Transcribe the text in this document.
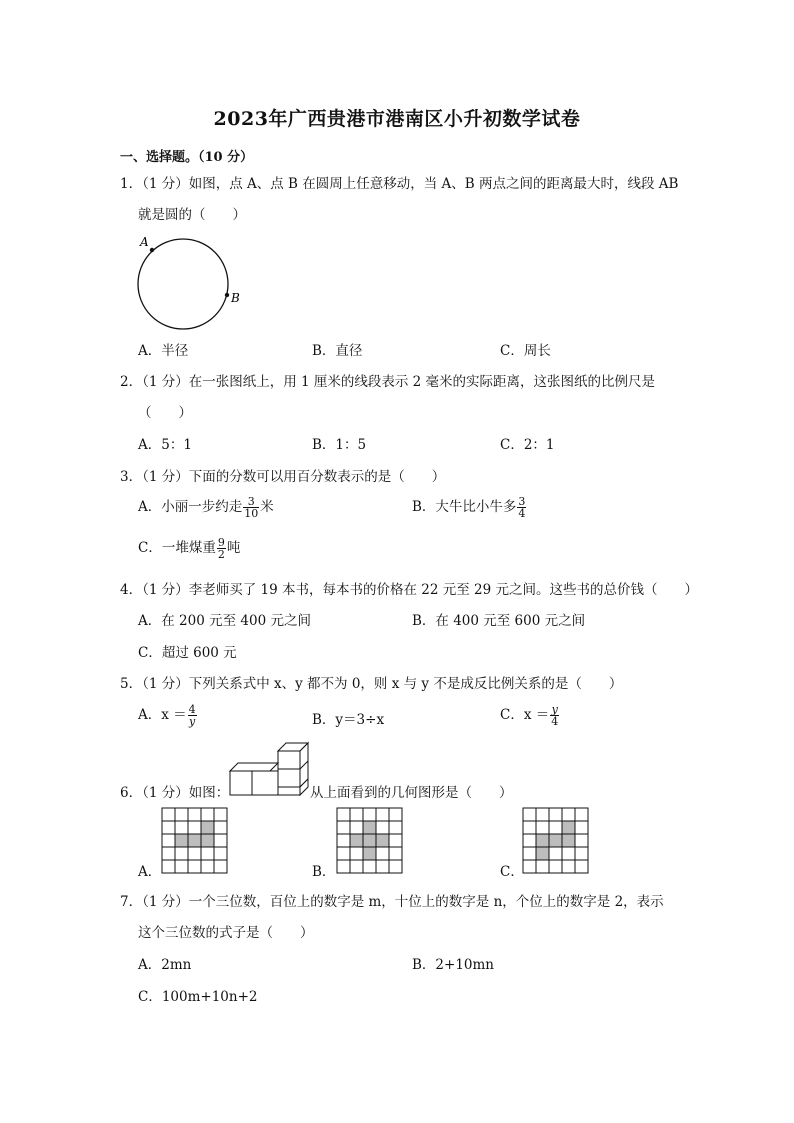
2023年广西贵港市港南区小升初数学试卷
一、选择题。（10 分）
1．（1 分）如图，点 A、点 B 在圆周上任意移动，当 A、B 两点之间的距离最大时，线段 AB
就是圆的（　　）
A
B
A．半径	B．直径	C．周长
2．（1 分）在一张图纸上，用 1 厘米的线段表示 2 毫米的实际距离，这张图纸的比例尺是
（　　）
A．5：1	B．1：5	C．2：1
3．（1 分）下面的分数可以用百分数表示的是（　　）
A．小丽一步约走 $\frac{3}{10}$ 米	B．大牛比小牛多 $\frac{3}{4}$
C．一堆煤重 $\frac{9}{2}$ 吨
4．（1 分）李老师买了 19 本书，每本书的价格在 22 元至 29 元之间。这些书的总价钱（　　）
A．在 200 元至 400 元之间	B．在 400 元至 600 元之间
C．超过 600 元
5．（1 分）下列关系式中 x、y 都不为 0，则 x 与 y 不是成反比例关系的是（　　）
A．$x = \frac{4}{y}$	B．y＝3÷x	C．$x = \frac{y}{4}$
6．（1 分）如图：	从上面看到的几何图形是（　　）
A．	B．	C．
7．（1 分）一个三位数，百位上的数字是 m，十位上的数字是 n，个位上的数字是 2，表示
这个三位数的式子是（　　）
A．2mn	B．2+10mn
C．100m+10n+2
